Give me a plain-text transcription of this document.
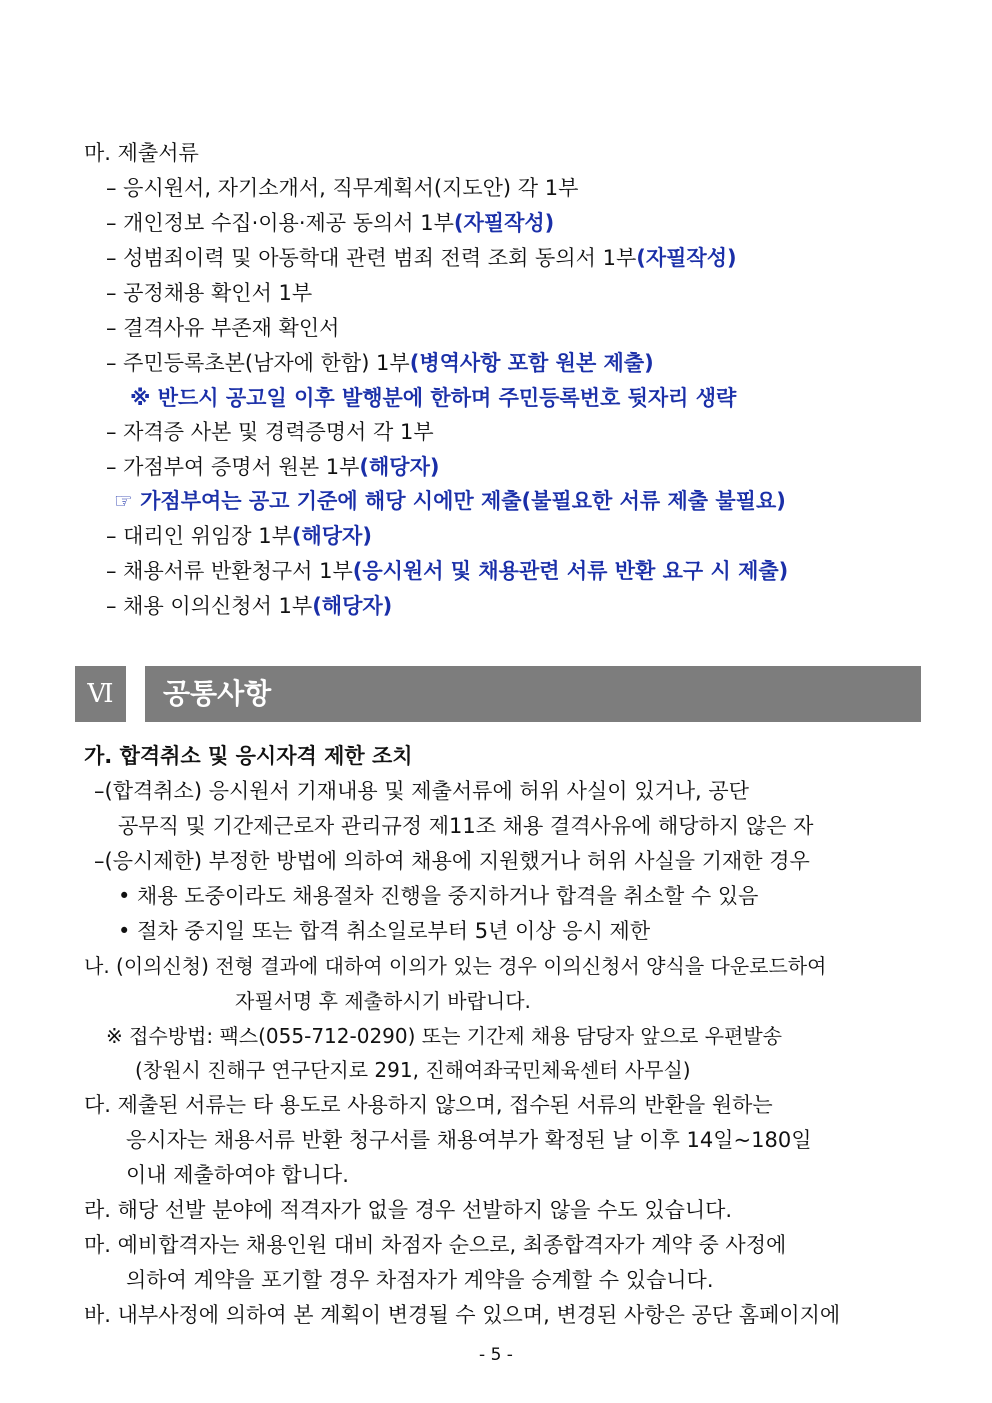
마. 제출서류
– 응시원서, 자기소개서, 직무계획서(지도안) 각 1부
– 개인정보 수집·이용·제공 동의서 1부(자필작성)
– 성범죄이력 및 아동학대 관련 범죄 전력 조회 동의서 1부(자필작성)
– 공정채용 확인서 1부
– 결격사유 부존재 확인서
– 주민등록초본(남자에 한함) 1부(병역사항 포함 원본 제출)
※ 반드시 공고일 이후 발행분에 한하며 주민등록번호 뒷자리 생략
– 자격증 사본 및 경력증명서 각 1부
– 가점부여 증명서 원본 1부(해당자)
☞ 가점부여는 공고 기준에 해당 시에만 제출(불필요한 서류 제출 불필요)
– 대리인 위임장 1부(해당자)
– 채용서류 반환청구서 1부(응시원서 및 채용관련 서류 반환 요구 시 제출)
– 채용 이의신청서 1부(해당자)
Ⅵ	공통사항
가. 합격취소 및 응시자격 제한 조치
–(합격취소) 응시원서 기재내용 및 제출서류에 허위 사실이 있거나, 공단
공무직 및 기간제근로자 관리규정 제11조 채용 결격사유에 해당하지 않은 자
–(응시제한) 부정한 방법에 의하여 채용에 지원했거나 허위 사실을 기재한 경우
• 채용 도중이라도 채용절차 진행을 중지하거나 합격을 취소할 수 있음
• 절차 중지일 또는 합격 취소일로부터 5년 이상 응시 제한
나. (이의신청) 전형 결과에 대하여 이의가 있는 경우 이의신청서 양식을 다운로드하여
자필서명 후 제출하시기 바랍니다.
※ 접수방법: 팩스(055-712-0290) 또는 기간제 채용 담당자 앞으로 우편발송
(창원시 진해구 연구단지로 291, 진해여좌국민체육센터 사무실)
다. 제출된 서류는 타 용도로 사용하지 않으며, 접수된 서류의 반환을 원하는
응시자는 채용서류 반환 청구서를 채용여부가 확정된 날 이후 14일~180일
이내 제출하여야 합니다.
라. 해당 선발 분야에 적격자가 없을 경우 선발하지 않을 수도 있습니다.
마. 예비합격자는 채용인원 대비 차점자 순으로, 최종합격자가 계약 중 사정에
의하여 계약을 포기할 경우 차점자가 계약을 승계할 수 있습니다.
바. 내부사정에 의하여 본 계획이 변경될 수 있으며, 변경된 사항은 공단 홈페이지에
- 5 -
